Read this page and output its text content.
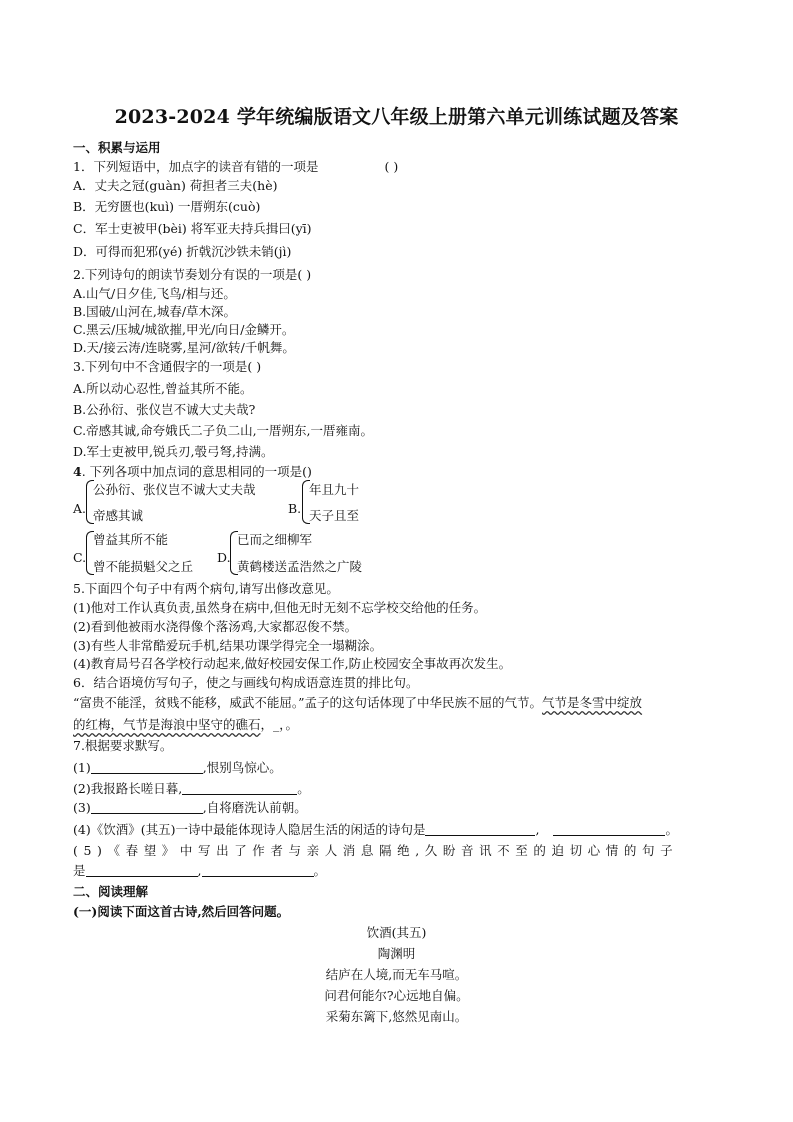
2023-2024 学年统编版语文八年级上册第六单元训练试题及答案
一、积累与运用
1．下列短语中，加点字的读音有错的一项是	( )
A．丈夫之冠(guàn) 荷担者三夫(hè)
B．无穷匮也(kuì) 一厝朔东(cuò)
C．军士吏被甲(bèi) 将军亚夫持兵揖曰(yī)
D．可得而犯邪(yé) 折戟沉沙铁未销(jì)
2.下列诗句的朗读节奏划分有误的一项是( )
A.山气/日夕佳,飞鸟/相与还。
B.国破/山河在,城春/草木深。
C.黑云/压城/城欲摧,甲光/向日/金鳞开。
D.天/接云涛/连晓雾,星河/欲转/千帆舞。
3.下列句中不含通假字的一项是( )
A.所以动心忍性,曾益其所不能。
B.公孙衍、张仪岂不诚大丈夫哉?
C.帝感其诚,命夸娥氏二子负二山,一厝朔东,一厝雍南。
D.军士吏被甲,锐兵刃,彀弓弩,持满。
4. 下列各项中加点词的意思相同的一项是()
A.
公孙衍、张仪岂不诚大丈夫哉
帝感其诚	B.
年且九十
天子且至
C.
曾益其所不能
曾不能损魁父之丘
D.
已而之细柳军
黄鹤楼送孟浩然之广陵
5.下面四个句子中有两个病句,请写出修改意见。
(1)他对工作认真负责,虽然身在病中,但他无时无刻不忘学校交给他的任务。
(2)看到他被雨水浇得像个落汤鸡,大家都忍俊不禁。
(3)有些人非常酷爱玩手机,结果功课学得完全一塌糊涂。
(4)教育局号召各学校行动起来,做好校园安保工作,防止校园安全事故再次发生。
6．结合语境仿写句子，使之与画线句构成语意连贯的排比句。
“富贵不能淫，贫贱不能移，威武不能屈。”孟子的这句话体现了中华民族不屈的气节。气节是冬雪中绽放
的红梅，气节是海浪中坚守的礁石，_，。
7.根据要求默写。
(1)	,恨别鸟惊心。
(2)我报路长嗟日暮,	。
(3)	,自将磨洗认前朝。
(4)《饮酒》(其五)一诗中最能体现诗人隐居生活的闲适的诗句是	,	。
(5)《春望》中写出了作者与亲人消息隔绝,久盼音讯不至的迫切心情的句子
是	,	。
二、阅读理解
(一)阅读下面这首古诗,然后回答问题。
饮酒(其五)
陶渊明
结庐在人境,而无车马喧。
问君何能尔?心远地自偏。
采菊东篱下,悠然见南山。
